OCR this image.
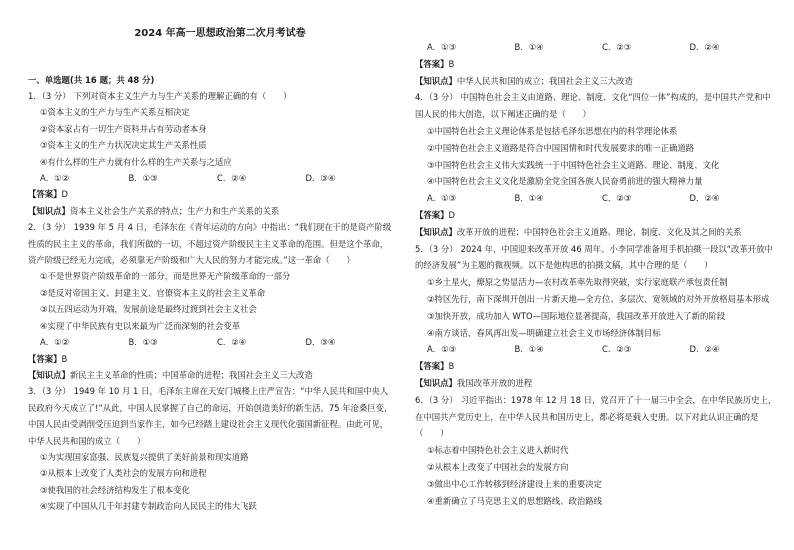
2024 年高一思想政治第二次月考试卷
一、单选题(共 16 题；共 48 分)
1．（3 分） 下列对资本主义生产力与生产关系的理解正确的有（　　）
①资本主义的生产力与生产关系互相决定
②资本家占有一切生产资料并占有劳动者本身
③资本主义的生产力状况决定其生产关系性质
④有什么样的生产力就有什么样的生产关系与之适应
A．①②	B．①③	C．②④	D．③④
【答案】D
【知识点】资本主义社会生产关系的特点；生产力和生产关系的关系
2．（3 分） 1939 年 5 月 4 日，毛泽东在《青年运动的方向》中指出：“我们现在干的是资产阶级性质的民主主义的革命，我们所做的一切，不超过资产阶级民主主义革命的范围。但是这个革命，资产阶级已经无力完成，必须靠无产阶级和广大人民的努力才能完成。”这一革命（　　）
①不是世界资产阶级革命的一部分，而是世界无产阶级革命的一部分
②是反对帝国主义、封建主义、官僚资本主义的社会主义革命
③以五四运动为开端，发展前途是最终过渡到社会主义社会
④实现了中华民族有史以来最为广泛而深刻的社会变革
A．①②	B．①③	C．②④	D．③④
【答案】B
【知识点】新民主主义革命的性质；中国革命的进程；我国社会主义三大改造
3．（3 分） 1949 年 10 月 1 日，毛泽东主席在天安门城楼上庄严宣告：“中华人民共和国中央人民政府今天成立了!”从此，中国人民掌握了自己的命运，开始创造美好的新生活。75 年沧桑巨变，中国人民由受剥削受压迫到当家作主，如今已经踏上建设社会主义现代化强国新征程。由此可见，中华人民共和国的成立（　　）
①为实现国家富强、民族复兴提供了美好前景和现实道路
②从根本上改变了人类社会的发展方向和进程
③使我国的社会经济结构发生了根本变化
④实现了中国从几千年封建专制政治向人民民主的伟大飞跃
A．①③	B．①④	C．②③	D．②④
【答案】B
【知识点】中华人民共和国的成立；我国社会主义三大改造
4．（3 分） 中国特色社会主义由道路、理论、制度、文化“四位一体”构成的，是中国共产党和中国人民的伟大创造，以下阐述正确的是（　　）
①中国特色社会主义理论体系是包括毛泽东思想在内的科学理论体系
②中国特色社会主义道路是符合中国国情和时代发展要求的唯一正确道路
③中国特色社会主义伟大实践统一于中国特色社会主义道路、理论、制度、文化
④中国特色社会主义文化是激励全党全国各族人民奋勇前进的强大精神力量
A．①③	B．①④	C．②③	D．②④
【答案】D
【知识点】改革开放的进程；中国特色社会主义道路、理论、制度、文化及其之间的关系
5．（3 分） 2024 年，中国迎来改革开放 46 周年。小李同学准备用手机拍摄一段以“改革开放中的经济发展”为主题的微视频。以下是他构思的拍摄文稿，其中合理的是（　　）
①乡土星火，燎原之势显活力—农村改革率先取得突破，实行家庭联产承包责任制
②特区先行，南下深圳开创出一片新天地—全方位、多层次、宽领域的对外开放格局基本形成
③加快开放，成功加入 WTO—国际地位显著提高，我国改革开放进入了新的阶段
④南方谈话，春风再出发—明确建立社会主义市场经济体制目标
A．①③	B．①④	C．②③	D．②④
【答案】B
【知识点】我国改革开放的进程
6．（3 分） 习近平指出：1978 年 12 月 18 日，党召开了十一届三中全会，在中华民族历史上，在中国共产党历史上，在中华人民共和国历史上，都必将是载入史册。以下对此认识正确的是（　　）
①标志着中国特色社会主义进入新时代
②从根本上改变了中国社会的发展方向
③做出中心工作转移到经济建设上来的重要决定
④重新确立了马克思主义的思想路线、政治路线
